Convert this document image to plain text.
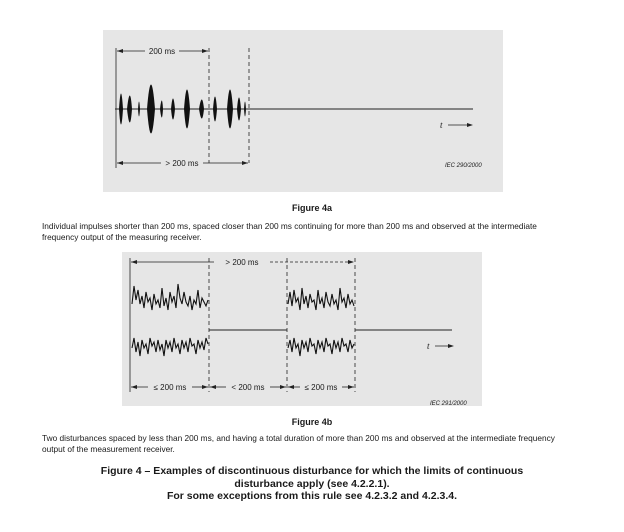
200 ms
> 200 ms
t
IEC 290/2000
Figure 4a
Individual impulses shorter than 200 ms, spaced closer than 200 ms continuing for more than 200 ms and observed at the intermediate frequency output of the measuring receiver.
> 200 ms
t
≤ 200 ms	< 200 ms	≤ 200 ms
IEC 291/2000
Figure 4b
Two disturbances spaced by less than 200 ms, and having a total duration of more than 200 ms and observed at the intermediate frequency output of the measurement receiver.
Figure 4 – Examples of discontinuous disturbance for which the limits of continuous
disturbance apply (see 4.2.2.1).
For some exceptions from this rule see 4.2.3.2 and 4.2.3.4.
